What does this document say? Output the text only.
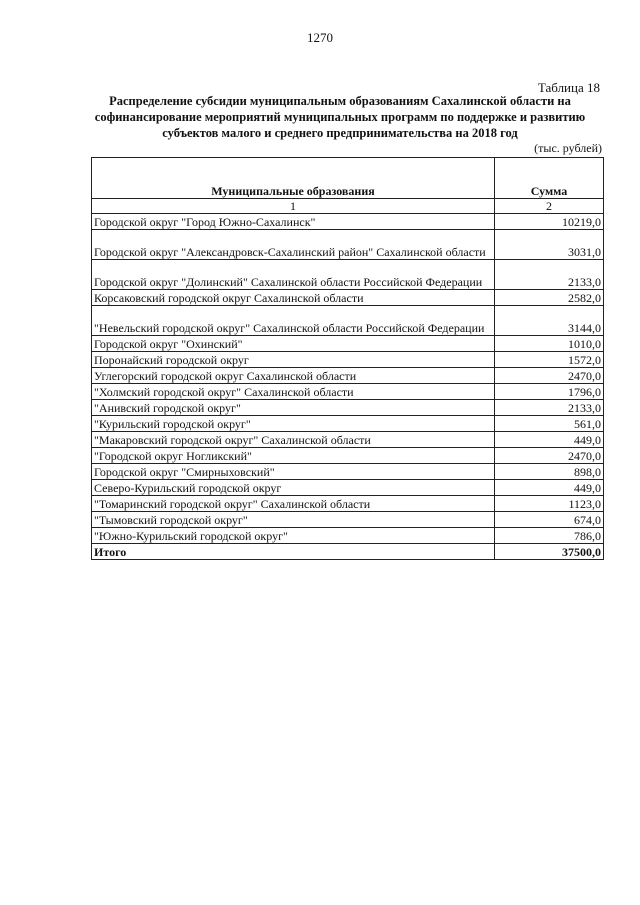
1270
Таблица 18
Распределение субсидии муниципальным образованиям Сахалинской области на софинансирование мероприятий муниципальных программ по поддержке и развитию субъектов малого и среднего предпринимательства на 2018 год
(тыс. рублей)
Муниципальные образования	Сумма
1	2
Городской округ "Город Южно-Сахалинск"	10219,0
Городской округ "Александровск-Сахалинский район" Сахалинской области	3031,0
Городской округ "Долинский" Сахалинской области Российской Федерации	2133,0
Корсаковский городской округ Сахалинской области	2582,0
"Невельский городской округ" Сахалинской области Российской Федерации	3144,0
Городской округ "Охинский"	1010,0
Поронайский городской округ	1572,0
Углегорский городской округ Сахалинской области	2470,0
"Холмский городской округ" Сахалинской области	1796,0
"Анивский городской округ"	2133,0
"Курильский городской округ"	561,0
"Макаровский городской округ" Сахалинской области	449,0
"Городской округ Ногликский"	2470,0
Городской округ "Смирныховский"	898,0
Северо-Курильский городской округ	449,0
"Томаринский городской округ" Сахалинской области	1123,0
"Тымовский городской округ"	674,0
"Южно-Курильский городской округ"	786,0
Итого	37500,0
